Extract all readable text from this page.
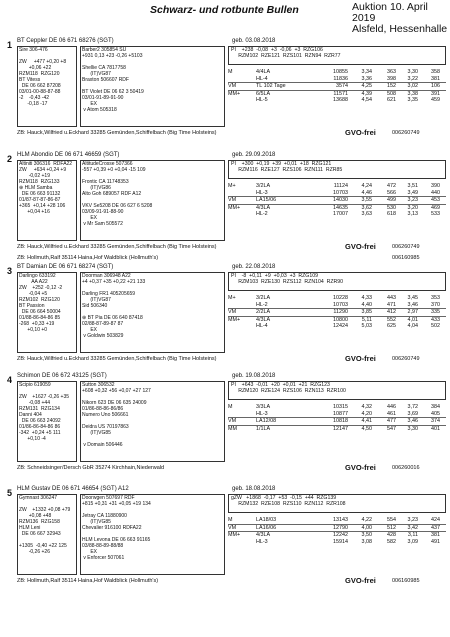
Schwarz- und rotbunte Bullen	Auktion 10. April 2019
Alsfeld, Hessenhalle
1 BT Ceppler DE 06 671 68276 (SGT)	geb. 03.08.2018
Sire 306-476

ZW     +477 +0,20 +8
+0,06 +22
RZM118  RZG120
BT Vitess
DE 06 662 87208
03/01-00-88-87-88
-2    -0,43 -42
-0,18 -17
Barber2 305854 SU
+931 0,13 +23 -0,26 +5103

Shellie CA 7817758
(IT)VG87
Braxton 506607 RDF

BT Violet DE 06 62 3 50419
03/01-91-89-91-90
EX
v Atom 505318
PI    +238  -0,08  +3  -0,06  +3  RZG106
RZM102  RZE121  RZS101  RZN94  RZR77
M	4/4LA	10855	3,34	363	3,30	358
HL-4	11836	3,36	398	3,22	381
VM	TL 102 Tage	3574	4,25	152	3,02	106
MM+	6/5LA	11571	4,39	508	3,38	391
HL-5	13688	4,54	621	3,35	459
ZB: Hauck,Wilfried u.Eckhard 33285 Gemünden,Schiffelbach (Big Time Holsteins)	GVO-frei	006260749
2 HLM Abondio DE 06 671 46659 (SGT)	geb. 29.09.2018
Altiniti 306316  RDFA22
ZW     +634 +0,24 +9
-0,02 +19
RZM118  RZG133
⊕ HLM Samba
DE 06 663 91132
01/87-87-87-86-87
+365  +0,14 +28 106
+0,04 +16
AltitudeCrosse 507366
-557 +0,39 +0 +0,04 -15 109

Frontic CA 11748353
(IT)VG86
Alto Goh 689057 RDF A12

VKV Se5208 DE 06 627 6 5208
03/09-91-91-88-90
EX
v Mr Sam 505572
PI    +300  +0,19  +39  +0,01  +18  RZG121
RZM116  RZE127  RZS106  RZN111  RZR85
M+	3/2LA	11124	4,24	472	3,51	390
HL-3	10703	4,46	566	3,49	440
VM	LA15/06	14030	3,55	499	3,23	453
MM+	4/3LA	14635	3,62	530	3,20	469
HL-2	17007	3,63	618	3,13	533
ZB: Hauck,Wilfried u.Eckhard 33285 Gemünden,Schiffelbach (Big Time Holsteins)	GVO-frei	006260749
ZB: Hollmuth,Ralf 35114 Haina,Hof Waldblick (Hollmuth's)	006160985
3 BT Damian DE 06 671 68274 (SGT)	geb. 22.08.2018
Darlingo 633192
AA A22
ZW    +252 -0,12 -2
-0,04 +5
RZM102  RZG120
BT Passion
DE 06 664 50004
01/88-86-84-86 85
-268  +0,33 +19
+0,10 +0
Doorman 306948 A22
+4 +0,37 +35 +0,22 +21 133

Darling FR1 405205659
(IT)VG87
Sid 506340

⊕ BT Pia DE 06 640 87418
02/88-87-89-87 87
EX
v Goldwin 503829
PI    -8  +0,11  +9  +0,03  +3  RZG109
RZM103  RZE130  RZS112  RZN104  RZR90
M+	3/2LA	10228	4,33	443	3,45	353
HL-2	10703	4,40	471	3,46	370
VM	2/2LA	11290	3,85	412	2,97	335
MM+	4/3LA	10800	5,11	552	4,01	433
HL-4	12424	5,03	625	4,04	502
ZB: Hauck,Wilfried u.Eckhard 33285 Gemünden,Schiffelbach (Big Time Holsteins)	GVO-frei	006260749
4 Schimon DE 06 672 43125 (SGT)	geb. 19.08.2018
Scipio 619059

ZW    +1627 -0,26 +35
-0,08 +44
RZM131  RZG134
Danni 404
DE 06 663 24092
01/86-86-84-86 86
-342  +0,24 +5 111
+0,10 -4
Sutton 306532
+608 +0,32 +56 +0,07 +27 127

Nikorn 623 DE 06 635 24009
01/86-88-86-86/86
Numero Uno 506661

Deidra US 70197863
(IT)VG85

v Domain 506446
PI    +643  -0,01  +20  +0,01  +21  RZG123
RZM120  RZE124  RZS106  RZN113  RZR100
M	3/3LA	10315	4,32	446	3,72	384
HL-3	10877	4,20	461	3,69	405
VM	LA12/08	10818	4,41	477	3,46	374
MM	1/1LA	12147	4,50	547	3,30	401
ZB: Schneidsinger/Dersch GbR 35274 Kirchhain,Niederwald	GVO-frei	006260016
5 HLM Gustav DE 06 671 46654 (SGT) A12	geb. 18.08.2018
Gymnast 306247

ZW    +1332 +0,08 +79
+0,08 +48
RZM136  RZG158
HLM Leni
DE 06 667 32943

+1305  -0,40 +22 125
-0,26 +26
Doorwgen 507697 RDF
+815 +0,31 +31 +0,05 +19 134

Jetray CA 11880900
(IT)VG85
Chevalier 916100 RDFA22

HLM Levona DE 06 663 91165
03/88-88-89-88/88
EX
v Enforcer 507061
gZW   +1868  -0,17  +53  -0,15  +44  RZG139
RZM132  RZE108  RZS110  RZN112  RZR108
M	LA18/03	13143	4,22	554	3,23	424
VM	LA16/06	12790	4,00	512	3,42	437
MM+	4/3LA	12242	3,50	428	3,11	381
HL-3	15914	3,08	582	3,09	491
ZB: Hollmuth,Ralf 35114 Haina,Hof Waldblick (Hollmuth's)	GVO-frei	006160985
